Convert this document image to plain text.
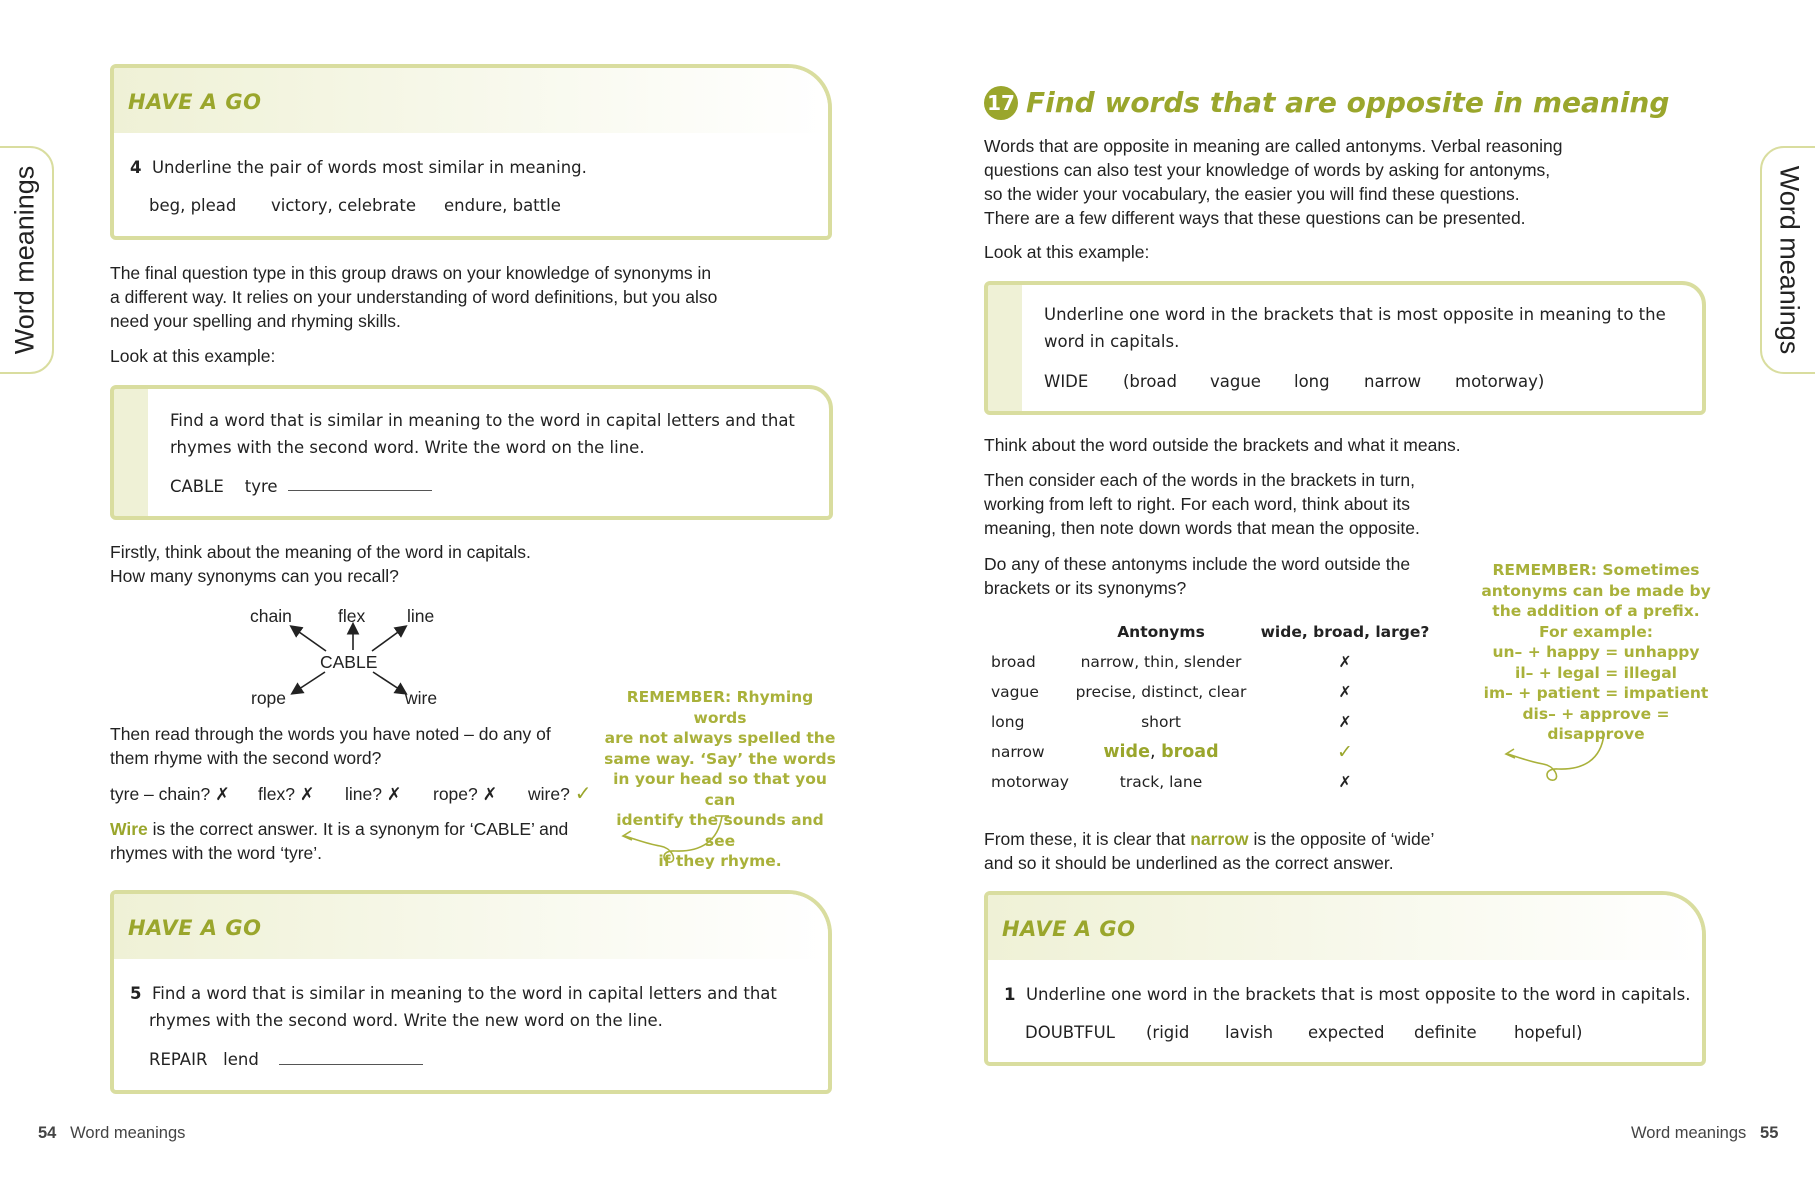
Word meanings	Word meanings
HAVE A GO
4 Underline the pair of words most similar in meaning.
beg, plead victory, celebrate endure, battle
The final question type in this group draws on your knowledge of synonyms in
a different way. It relies on your understanding of word definitions, but you also
need your spelling and rhyming skills.
Look at this example:
Find a word that is similar in meaning to the word in capital letters and that
rhymes with the second word. Write the word on the line.
CABLE tyre
Firstly, think about the meaning of the word in capitals.
How many synonyms can you recall?
chain	flex line
CABLE
rope	wire
Then read through the words you have noted – do any of
them rhyme with the second word?
tyre – chain? ✗ flex? ✗ line? ✗ rope? ✗ wire? ✓
Wire is the correct answer. It is a synonym for ‘CABLE’ and
rhymes with the word ‘tyre’.
REMEMBER: Rhyming words
are not always spelled the
same way. ‘Say’ the words
in your head so that you can
identify the sounds and see
if they rhyme.
HAVE A GO
5 Find a word that is similar in meaning to the word in capital letters and that
rhymes with the second word. Write the new word on the line.
REPAIR lend
54 Word meanings
17 Find words that are opposite in meaning
Words that are opposite in meaning are called antonyms. Verbal reasoning
questions can also test your knowledge of words by asking for antonyms,
so the wider your vocabulary, the easier you will find these questions.
There are a few different ways that these questions can be presented.
Look at this example:
Underline one word in the brackets that is most opposite in meaning to the
word in capitals.
WIDE (broad vague long narrow motorway)
Think about the word outside the brackets and what it means.
Then consider each of the words in the brackets in turn,
working from left to right. For each word, think about its
meaning, then note down words that mean the opposite.
Do any of these antonyms include the word outside the
brackets or its synonyms?
	Antonyms	wide, broad, large?
broad	narrow, thin, slender	✗
vague	precise, distinct, clear	✗
long	short	✗
narrow	wide, broad	✓
motorway	track, lane	✗
REMEMBER: Sometimes
antonyms can be made by
the addition of a prefix.
For example:
un– + happy = unhappy
il– + legal = illegal
im– + patient = impatient
dis– + approve = disapprove
From these, it is clear that narrow is the opposite of ‘wide’
and so it should be underlined as the correct answer.
HAVE A GO
1 Underline one word in the brackets that is most opposite to the word in capitals.
DOUBTFUL (rigid lavish expected definite hopeful)
Word meanings 55
